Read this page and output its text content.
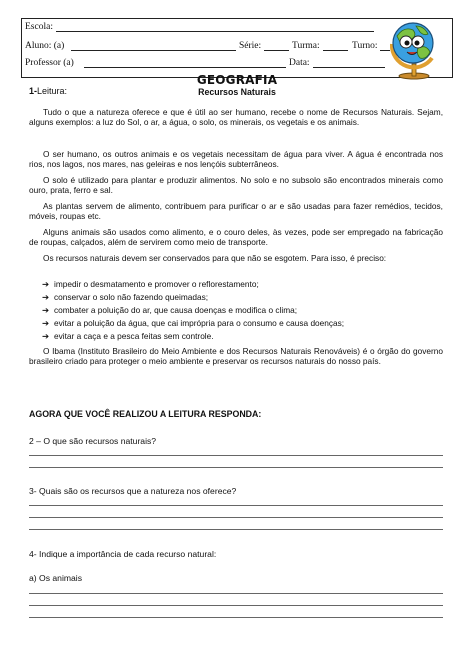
Escola:
Aluno: (a)	Série:	Turma:	Turno:
Professor (a)	Data:
GEOGRAFIA
1-Leitura:	Recursos Naturais
Tudo o que a natureza oferece e que é útil ao ser humano, recebe o nome de Recursos Naturais. Sejam, alguns exemplos: a luz do Sol, o ar, a água, o solo, os minerais, os vegetais e os animais.
O ser humano, os outros animais e os vegetais necessitam de água para viver. A água é encontrada nos rios, nos lagos, nos mares, nas geleiras e nos lençóis subterrâneos.
O solo é utilizado para plantar e produzir alimentos. No solo e no subsolo são encontrados minerais como ouro, prata, ferro e sal.
As plantas servem de alimento, contribuem para purificar o ar e são usadas para fazer remédios, tecidos, móveis, roupas etc.
Alguns animais são usados como alimento, e o couro deles, às vezes, pode ser empregado na fabricação de roupas, calçados, além de servirem como meio de transporte.
Os recursos naturais devem ser conservados para que não se esgotem. Para isso, é preciso:
➔ impedir o desmatamento e promover o reflorestamento;
➔ conservar o solo não fazendo queimadas;
➔ combater a poluição do ar, que causa doenças e modifica o clima;
➔ evitar a poluição da água, que cai imprópria para o consumo e causa doenças;
➔ evitar a caça e a pesca feitas sem controle.
O Ibama (Instituto Brasileiro do Meio Ambiente e dos Recursos Naturais Renováveis) é o órgão do governo brasileiro criado para proteger o meio ambiente e preservar os recursos naturais do nosso país.
AGORA QUE VOCÊ REALIZOU A LEITURA RESPONDA:
2 – O que são recursos naturais?
3- Quais são os recursos que a natureza nos oferece?
4- Indique a importância de cada recurso natural:
a) Os animais
